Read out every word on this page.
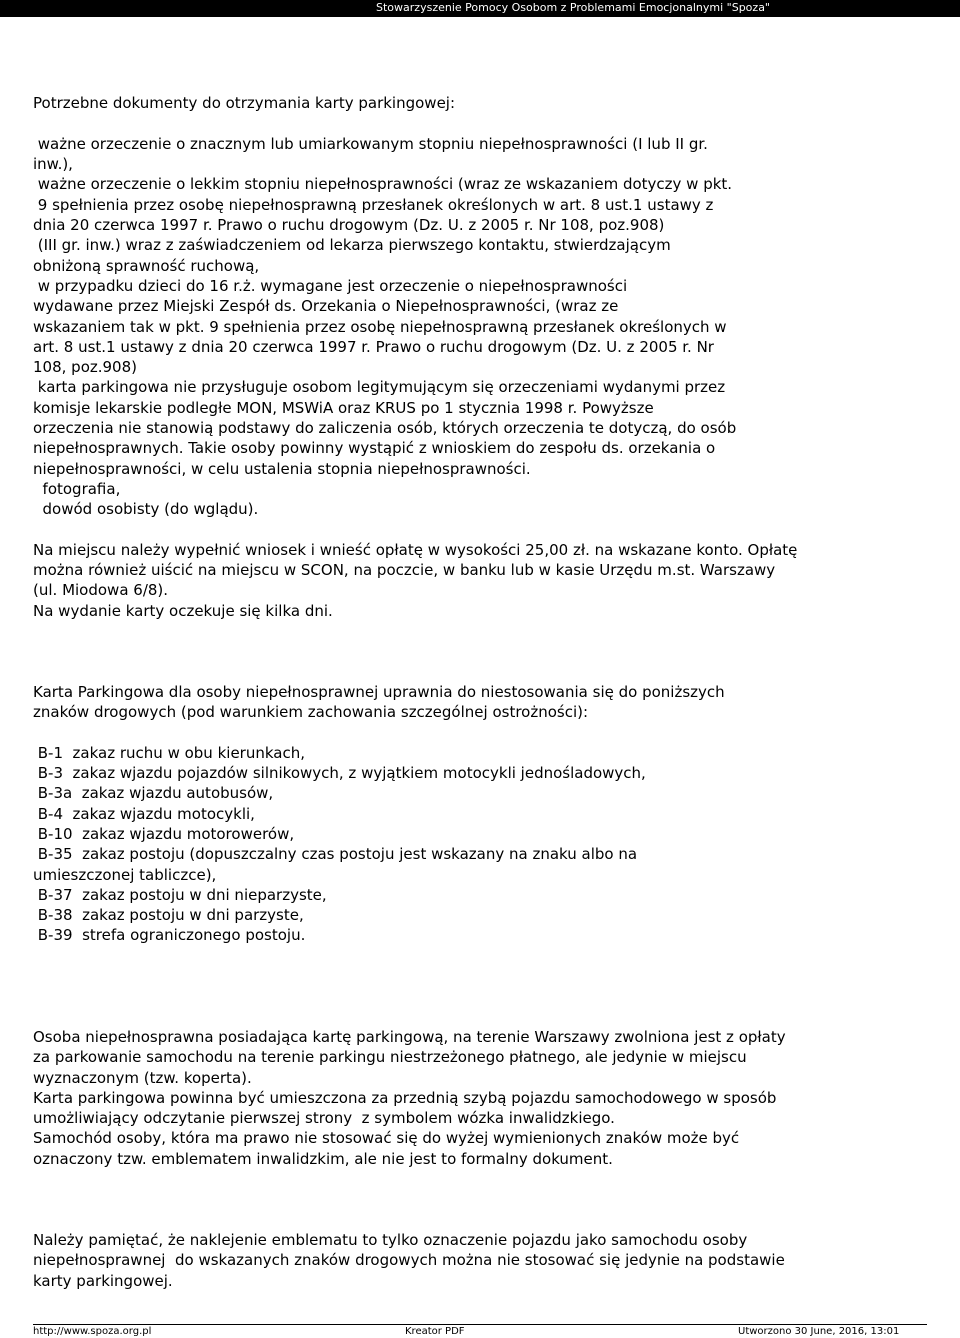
Stowarzyszenie Pomocy Osobom z Problemami Emocjonalnymi "Spoza"
Potrzebne dokumenty do otrzymania karty parkingowej:
ważne orzeczenie o znacznym lub umiarkowanym stopniu niepełnosprawności (I lub II gr.
inw.),
ważne orzeczenie o lekkim stopniu niepełnosprawności (wraz ze wskazaniem dotyczy w pkt.
9 spełnienia przez osobę niepełnosprawną przesłanek określonych w art. 8 ust.1 ustawy z
dnia 20 czerwca 1997 r. Prawo o ruchu drogowym (Dz. U. z 2005 r. Nr 108, poz.908)
(III gr. inw.) wraz z zaświadczeniem od lekarza pierwszego kontaktu, stwierdzającym
obniżoną sprawność ruchową,
w przypadku dzieci do 16 r.ż. wymagane jest orzeczenie o niepełnosprawności
wydawane przez Miejski Zespół ds. Orzekania o Niepełnosprawności, (wraz ze
wskazaniem tak w pkt. 9 spełnienia przez osobę niepełnosprawną przesłanek określonych w
art. 8 ust.1 ustawy z dnia 20 czerwca 1997 r. Prawo o ruchu drogowym (Dz. U. z 2005 r. Nr
108, poz.908)
karta parkingowa nie przysługuje osobom legitymującym się orzeczeniami wydanymi przez
komisje lekarskie podległe MON, MSWiA oraz KRUS po 1 stycznia 1998 r. Powyższe
orzeczenia nie stanowią podstawy do zaliczenia osób, których orzeczenia te dotyczą, do osób
niepełnosprawnych. Takie osoby powinny wystąpić z wnioskiem do zespołu ds. orzekania o
niepełnosprawności, w celu ustalenia stopnia niepełnosprawności.
fotografia,
dowód osobisty (do wglądu).
Na miejscu należy wypełnić wniosek i wnieść opłatę w wysokości 25,00 zł. na wskazane konto. Opłatę
można również uiścić na miejscu w SCON, na poczcie, w banku lub w kasie Urzędu m.st. Warszawy
(ul. Miodowa 6/8).
Na wydanie karty oczekuje się kilka dni.
Karta Parkingowa dla osoby niepełnosprawnej uprawnia do niestosowania się do poniższych
znaków drogowych (pod warunkiem zachowania szczególnej ostrożności):
B-1  zakaz ruchu w obu kierunkach,
B-3  zakaz wjazdu pojazdów silnikowych, z wyjątkiem motocykli jednośladowych,
B-3a  zakaz wjazdu autobusów,
B-4  zakaz wjazdu motocykli,
B-10  zakaz wjazdu motorowerów,
B-35  zakaz postoju (dopuszczalny czas postoju jest wskazany na znaku albo na
umieszczonej tabliczce),
B-37  zakaz postoju w dni nieparzyste,
B-38  zakaz postoju w dni parzyste,
B-39  strefa ograniczonego postoju.
Osoba niepełnosprawna posiadająca kartę parkingową, na terenie Warszawy zwolniona jest z opłaty
za parkowanie samochodu na terenie parkingu niestrzeżonego płatnego, ale jedynie w miejscu
wyznaczonym (tzw. koperta).
Karta parkingowa powinna być umieszczona za przednią szybą pojazdu samochodowego w sposób
umożliwiający odczytanie pierwszej strony  z symbolem wózka inwalidzkiego.
Samochód osoby, która ma prawo nie stosować się do wyżej wymienionych znaków może być
oznaczony tzw. emblematem inwalidzkim, ale nie jest to formalny dokument.
Należy pamiętać, że naklejenie emblematu to tylko oznaczenie pojazdu jako samochodu osoby
niepełnosprawnej  do wskazanych znaków drogowych można nie stosować się jedynie na podstawie
karty parkingowej.
http://www.spoza.org.pl	Kreator PDF	Utworzono 30 June, 2016, 13:01
